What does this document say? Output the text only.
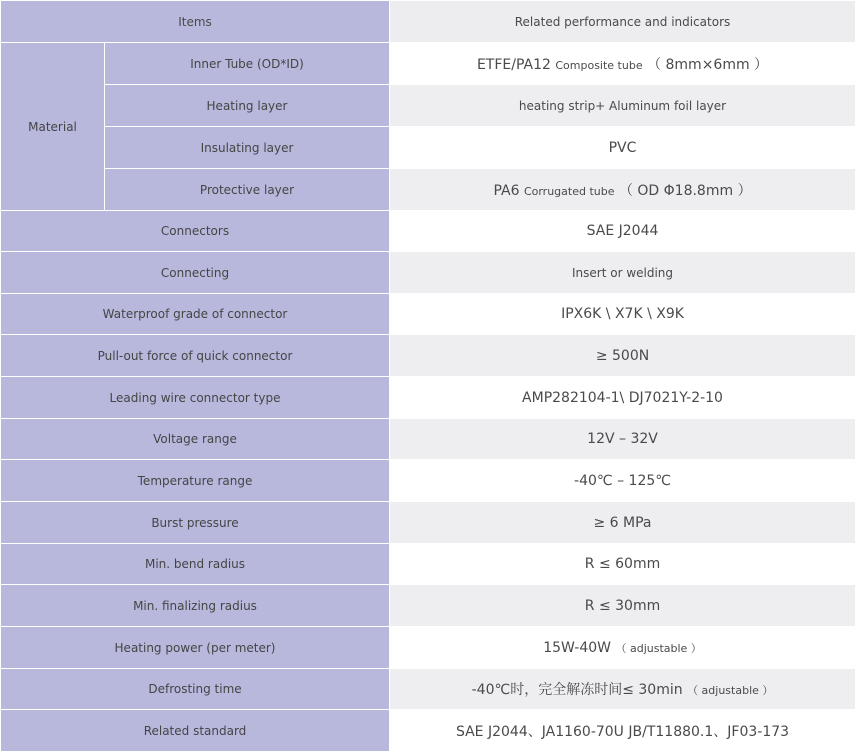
Items		Related performance and indicators
Material	Inner Tube (OD*ID)	ETFE/PA12 Composite tube （ 8mm×6mm ）
	Heating layer	heating strip+ Aluminum foil layer
	Insulating layer	PVC
	Protective layer	PA6 Corrugated tube （ OD Φ18.8mm ）
Connectors		SAE J2044
Connecting		Insert or welding
Waterproof grade of connector		IPX6K \ X7K \ X9K
Pull-out force of quick connector		≥ 500N
Leading wire connector type		AMP282104-1\ DJ7021Y-2-10
Voltage range		12V – 32V
Temperature range		-40℃ – 125℃
Burst pressure		≥ 6 MPa
Min. bend radius		R ≤ 60mm
Min. finalizing radius		R ≤ 30mm
Heating power (per meter)		15W-40W （ adjustable ）
Defrosting time		-40℃时，完全解冻时间≤ 30min （ adjustable ）
Related standard		SAE J2044、JA1160-70U JB/T11880.1、JF03-173
